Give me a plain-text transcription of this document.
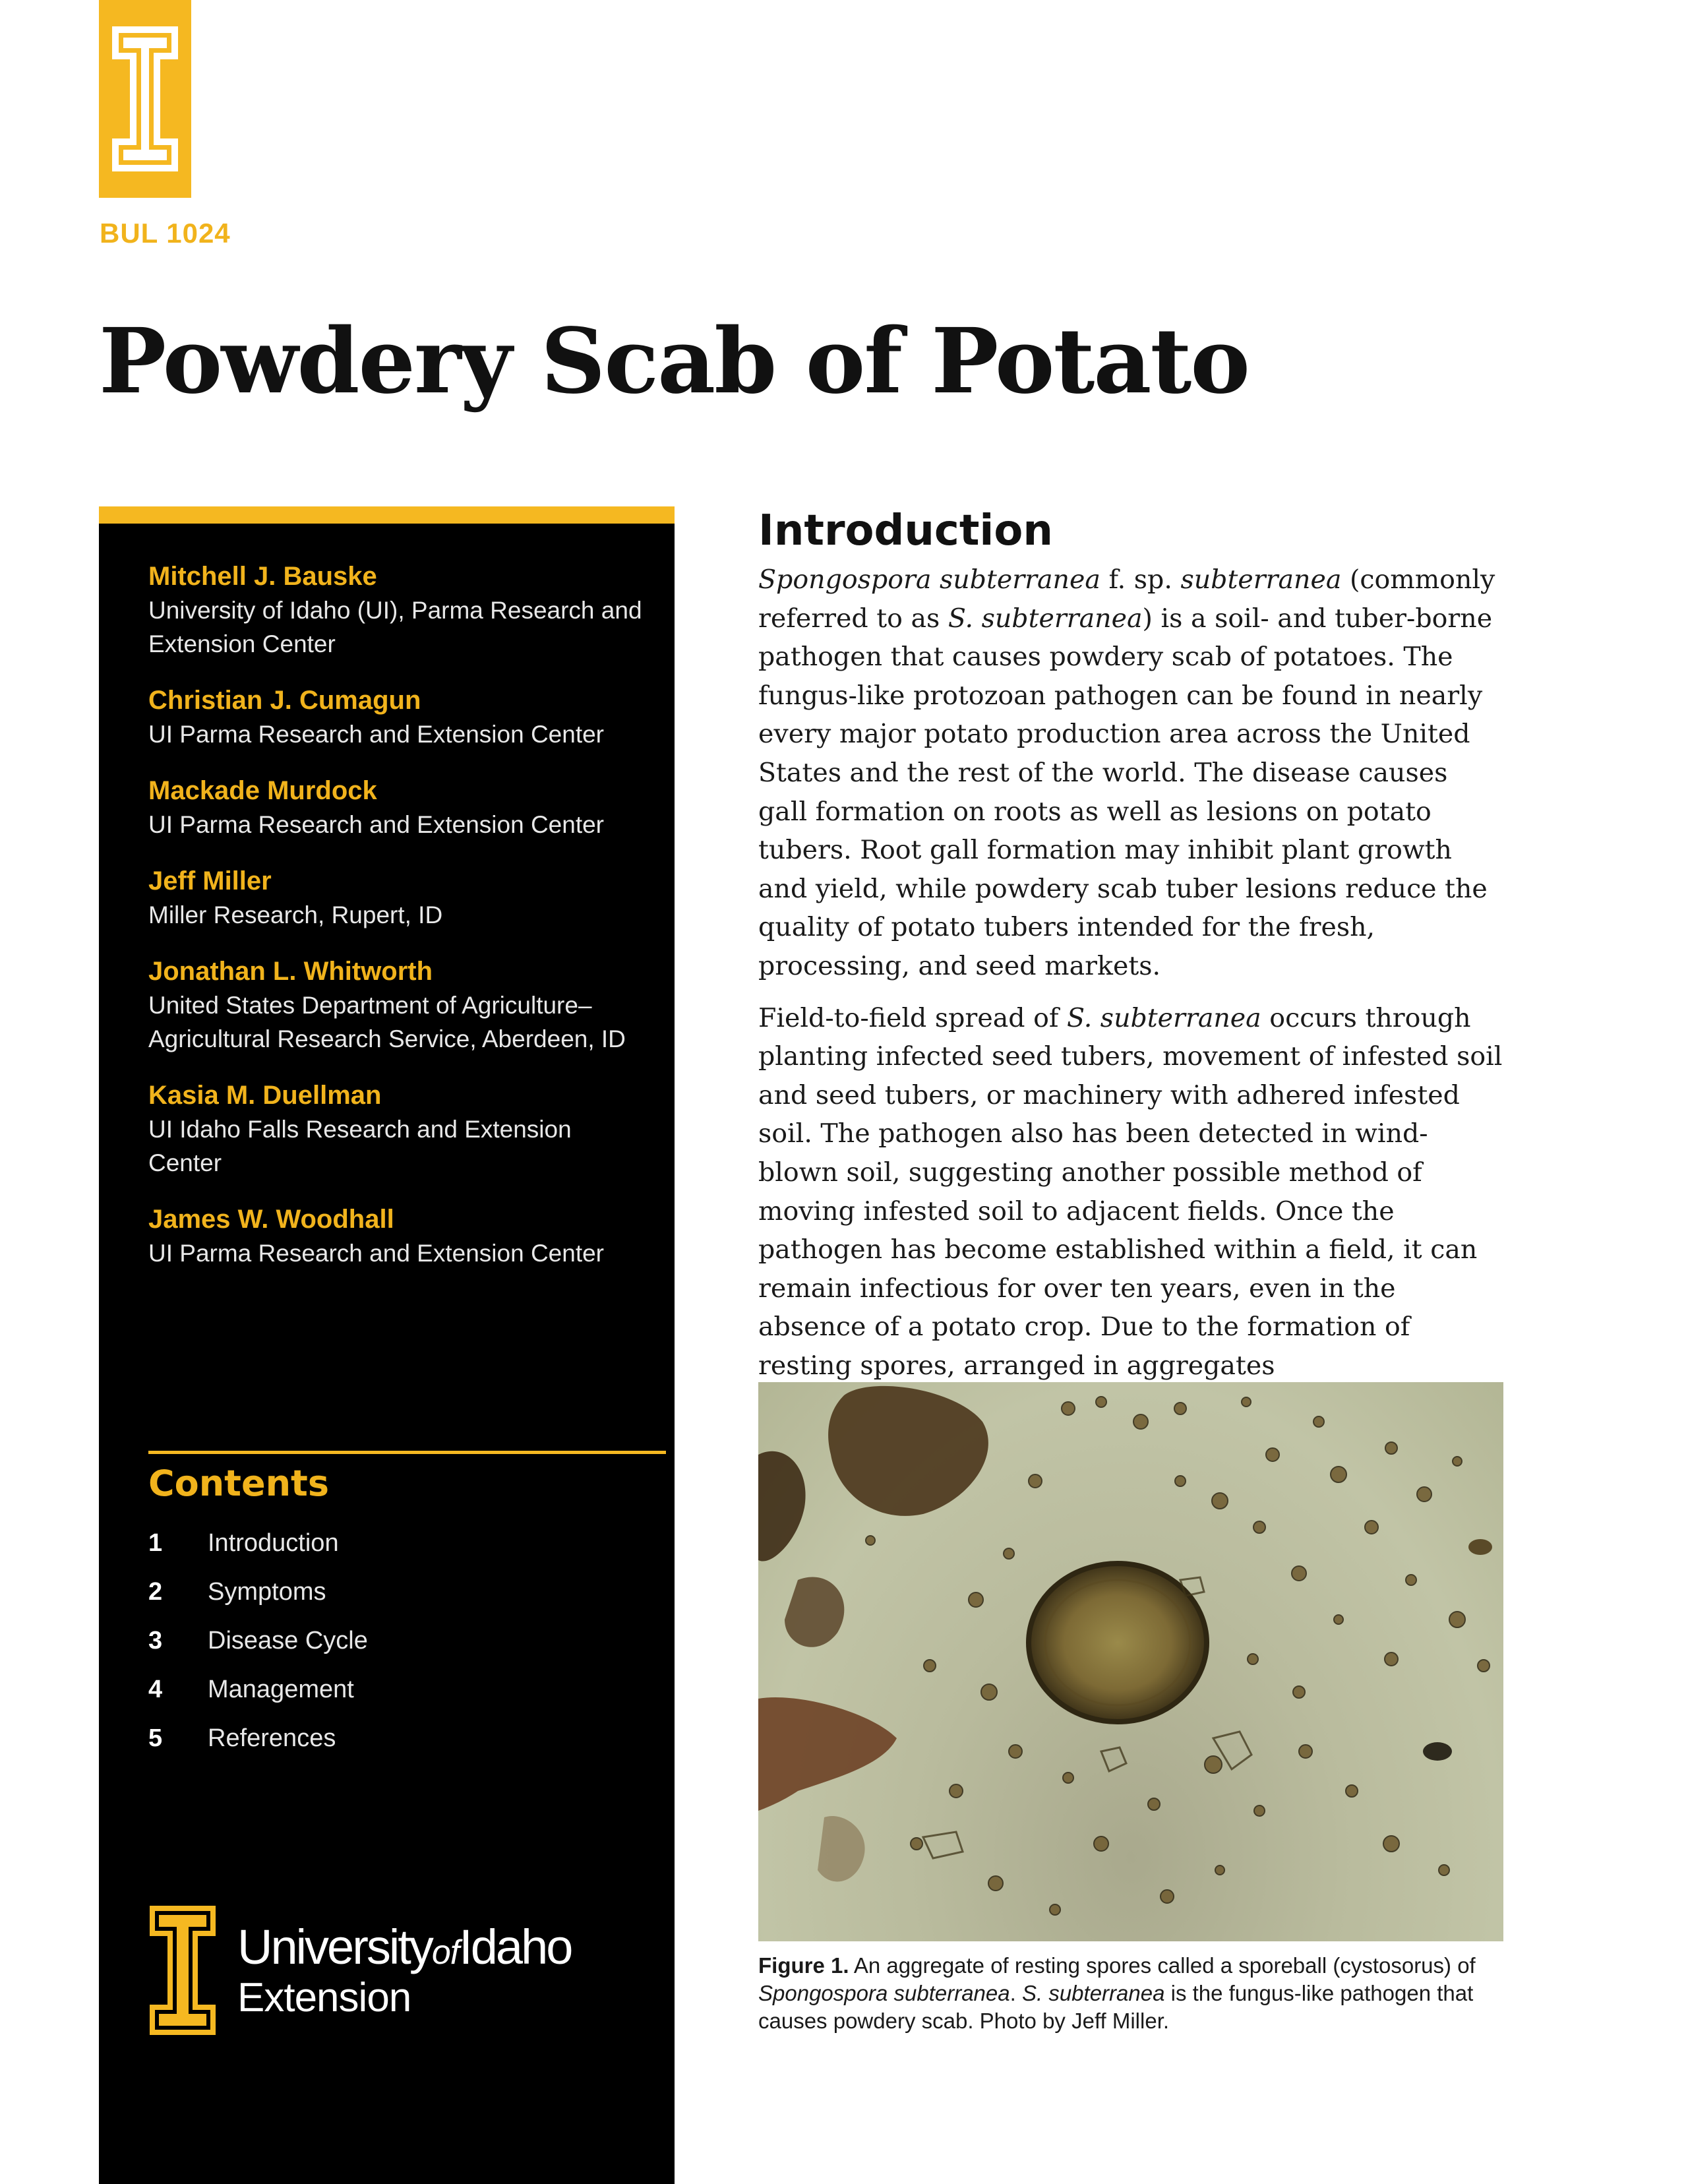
BUL 1024
Powdery Scab of Potato
Mitchell J. Bauske
University of Idaho (UI), Parma Research and Extension Center
Christian J. Cumagun
UI Parma Research and Extension Center
Mackade Murdock
UI Parma Research and Extension Center
Jeff Miller
Miller Research, Rupert, ID
Jonathan L. Whitworth
United States Department of Agriculture–Agricultural Research Service, Aberdeen, ID
Kasia M. Duellman
UI Idaho Falls Research and Extension Center
James W. Woodhall
UI Parma Research and Extension Center
Contents
1	Introduction
2	Symptoms
3	Disease Cycle
4	Management
5	References
UniversityofIdaho
Extension
Introduction

Spongospora subterranea f. sp. subterranea (commonly referred to as S. subterranea) is a soil- and tuber-borne pathogen that causes powdery scab of potatoes. The fungus-like protozoan pathogen can be found in nearly every major potato production area across the United States and the rest of the world. The disease causes gall formation on roots as well as lesions on potato tubers. Root gall formation may inhibit plant growth and yield, while powdery scab tuber lesions reduce the quality of potato tubers intended for the fresh, processing, and seed markets.

Field-to-field spread of S. subterranea occurs through planting infected seed tubers, movement of infested soil and seed tubers, or machinery with adhered infested soil. The pathogen also has been detected in wind-blown soil, suggesting another possible method of moving infested soil to adjacent fields. Once the pathogen has become established within a field, it can remain infectious for over ten years, even in the absence of a potato crop. Due to the formation of resting spores, arranged in aggregates

Figure 1. An aggregate of resting spores called a sporeball (cystosorus) of Spongospora subterranea. S. subterranea is the fungus-like pathogen that causes powdery scab. Photo by Jeff Miller.
